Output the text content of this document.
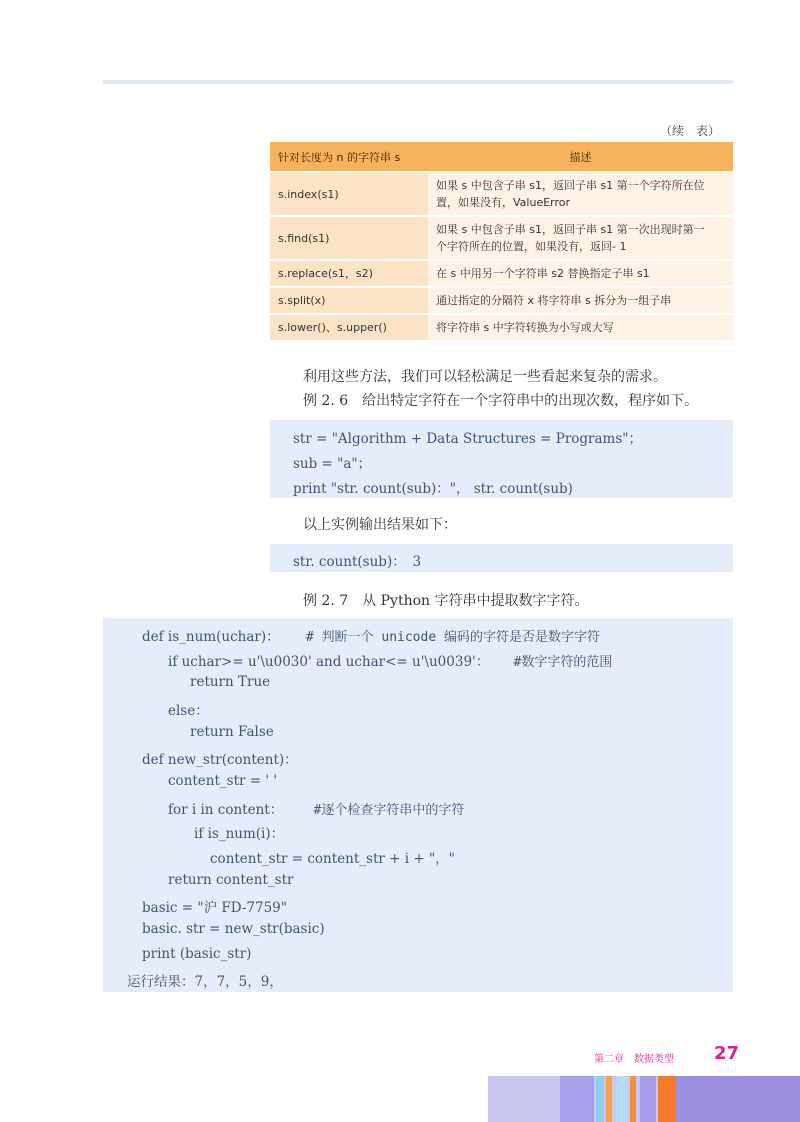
（续　表）
针对长度为 n 的字符串 s	描述
s.index(s1)	如果 s 中包含子串 s1，返回子串 s1 第一个字符所在位
置，如果没有，ValueError

s.find(s1)	如果 s 中包含子串 s1，返回子串 s1 第一次出现时第一
个字符所在的位置，如果没有，返回- 1

s.replace(s1，s2)	在 s 中用另一个字符串 s2 替换指定子串 s1

s.split(x)	通过指定的分隔符 x 将字符串 s 拆分为一组子串

s.lower()、s.upper()	将字符串 s 中字符转换为小写或大写
利用这些方法，我们可以轻松满足一些看起来复杂的需求。
例 2. 6　给出特定字符在一个字符串中的出现次数，程序如下。
str = "Algorithm + Data Structures = Programs"；
sub = "a"；
print "str. count(sub)："， str. count(sub)
以上实例输出结果如下：
str. count(sub)：　3
例 2. 7　从 Python 字符串中提取数字字符。
def is_num(uchar)： # 判断一个 unicode 编码的字符是否是数字字符
if uchar>= u'\u0030' and uchar<= u'\u0039'： #数字字符的范围
return True
else：
return False
def new_str(content)：
content_str = ' '
for i in content： #逐个检查字符串中的字符
if is_num(i)：
content_str = content_str + i + "，"
return content_str
basic = "沪 FD-7759"
basic. str = new_str(basic)
print (basic_str)
运行结果：7，7，5，9，
第二章　数据类型 27
